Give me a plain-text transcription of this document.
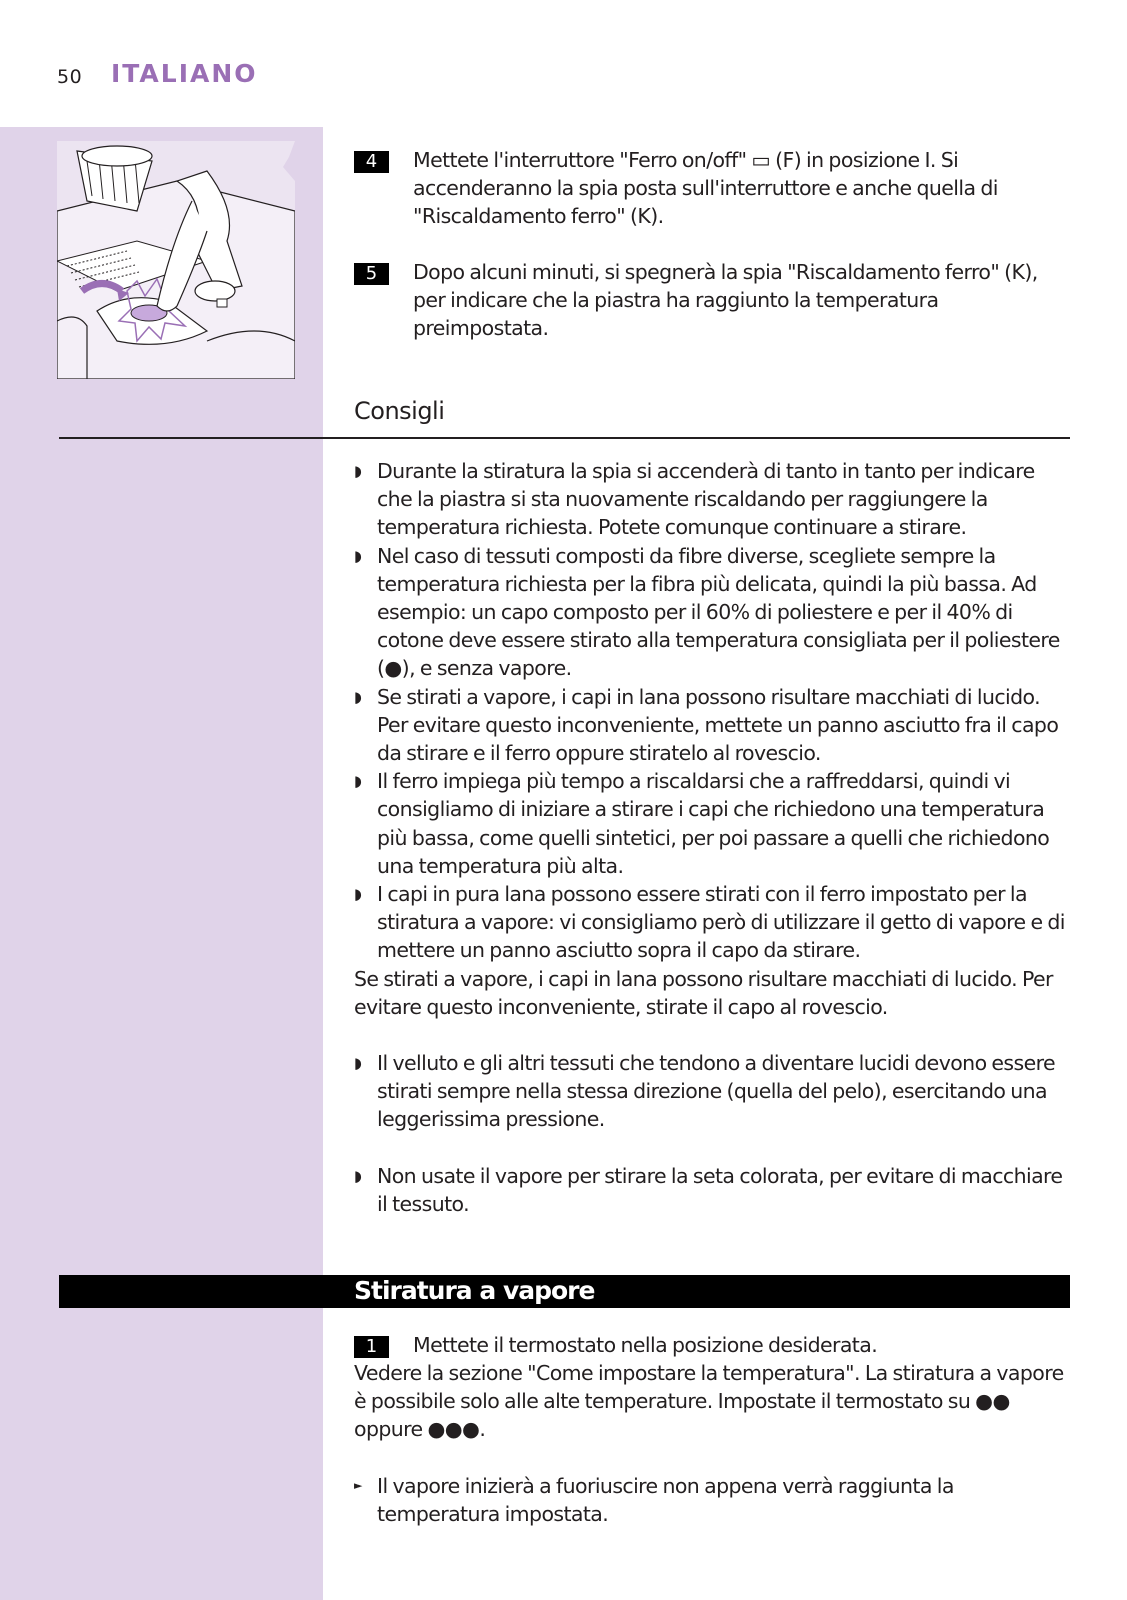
50 ITALIANO
4	Mettete l'interruttore "Ferro on/off" ▭ (F) in posizione I. Si accenderanno la spia posta sull'interruttore e anche quella di "Riscaldamento ferro" (K).
5	Dopo alcuni minuti, si spegnerà la spia "Riscaldamento ferro" (K), per indicare che la piastra ha raggiunto la temperatura preimpostata.
Consigli
◗ Durante la stiratura la spia si accenderà di tanto in tanto per indicare che la piastra si sta nuovamente riscaldando per raggiungere la temperatura richiesta. Potete comunque continuare a stirare.
◗ Nel caso di tessuti composti da fibre diverse, scegliete sempre la temperatura richiesta per la fibra più delicata, quindi la più bassa. Ad esempio: un capo composto per il 60% di poliestere e per il 40% di cotone deve essere stirato alla temperatura consigliata per il poliestere (●), e senza vapore.
◗ Se stirati a vapore, i capi in lana possono risultare macchiati di lucido. Per evitare questo inconveniente, mettete un panno asciutto fra il capo da stirare e il ferro oppure stiratelo al rovescio.
◗ Il ferro impiega più tempo a riscaldarsi che a raffreddarsi, quindi vi consigliamo di iniziare a stirare i capi che richiedono una temperatura più bassa, come quelli sintetici, per poi passare a quelli che richiedono una temperatura più alta.
◗ I capi in pura lana possono essere stirati con il ferro impostato per la stiratura a vapore: vi consigliamo però di utilizzare il getto di vapore e di mettere un panno asciutto sopra il capo da stirare.
Se stirati a vapore, i capi in lana possono risultare macchiati di lucido. Per evitare questo inconveniente, stirate il capo al rovescio.
◗ Il velluto e gli altri tessuti che tendono a diventare lucidi devono essere stirati sempre nella stessa direzione (quella del pelo), esercitando una leggerissima pressione.
◗ Non usate il vapore per stirare la seta colorata, per evitare di macchiare il tessuto.
Stiratura a vapore
1	Mettete il termostato nella posizione desiderata.
Vedere la sezione "Come impostare la temperatura". La stiratura a vapore è possibile solo alle alte temperature. Impostate il termostato su ●● oppure ●●●.
► Il vapore inizierà a fuoriuscire non appena verrà raggiunta la temperatura impostata.
